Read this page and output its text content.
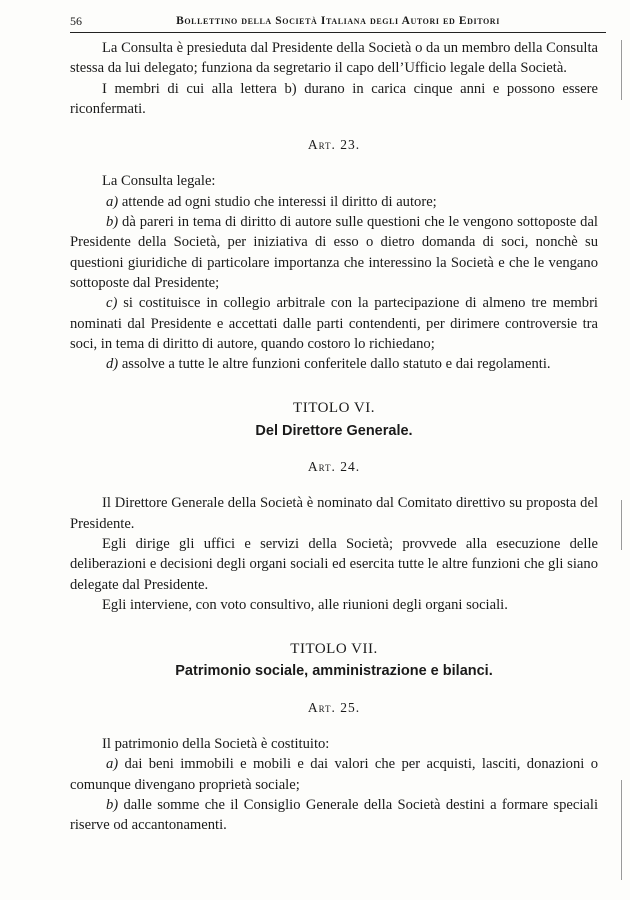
56	Bollettino della Società Italiana degli Autori ed Editori

La Consulta è presieduta dal Presidente della Società o da un membro della Consulta stessa da lui delegato; funziona da segretario il capo dell’Ufficio legale della Società.

I membri di cui alla lettera b) durano in carica cinque anni e possono essere riconfermati.

Art. 23.

La Consulta legale:

a) attende ad ogni studio che interessi il diritto di autore;

b) dà pareri in tema di diritto di autore sulle questioni che le vengono sottoposte dal Presidente della Società, per iniziativa di esso o dietro domanda di soci, nonchè su questioni giuridiche di particolare importanza che interessino la Società e che le vengano sottoposte dal Presidente;

c) si costituisce in collegio arbitrale con la partecipazione di almeno tre membri nominati dal Presidente e accettati dalle parti contendenti, per dirimere controversie tra soci, in tema di diritto di autore, quando costoro lo richiedano;

d) assolve a tutte le altre funzioni conferitele dallo statuto e dai regolamenti.

TITOLO VI.
Del Direttore Generale.
Art. 24.

Il Direttore Generale della Società è nominato dal Comitato direttivo su proposta del Presidente.

Egli dirige gli uffici e servizi della Società; provvede alla esecuzione delle deliberazioni e decisioni degli organi sociali ed esercita tutte le altre funzioni che gli siano delegate dal Presidente.

Egli interviene, con voto consultivo, alle riunioni degli organi sociali.

TITOLO VII.
Patrimonio sociale, amministrazione e bilanci.
Art. 25.

Il patrimonio della Società è costituito:

a) dai beni immobili e mobili e dai valori che per acquisti, lasciti, donazioni o comunque divengano proprietà sociale;

b) dalle somme che il Consiglio Generale della Società destini a formare speciali riserve od accantonamenti.
